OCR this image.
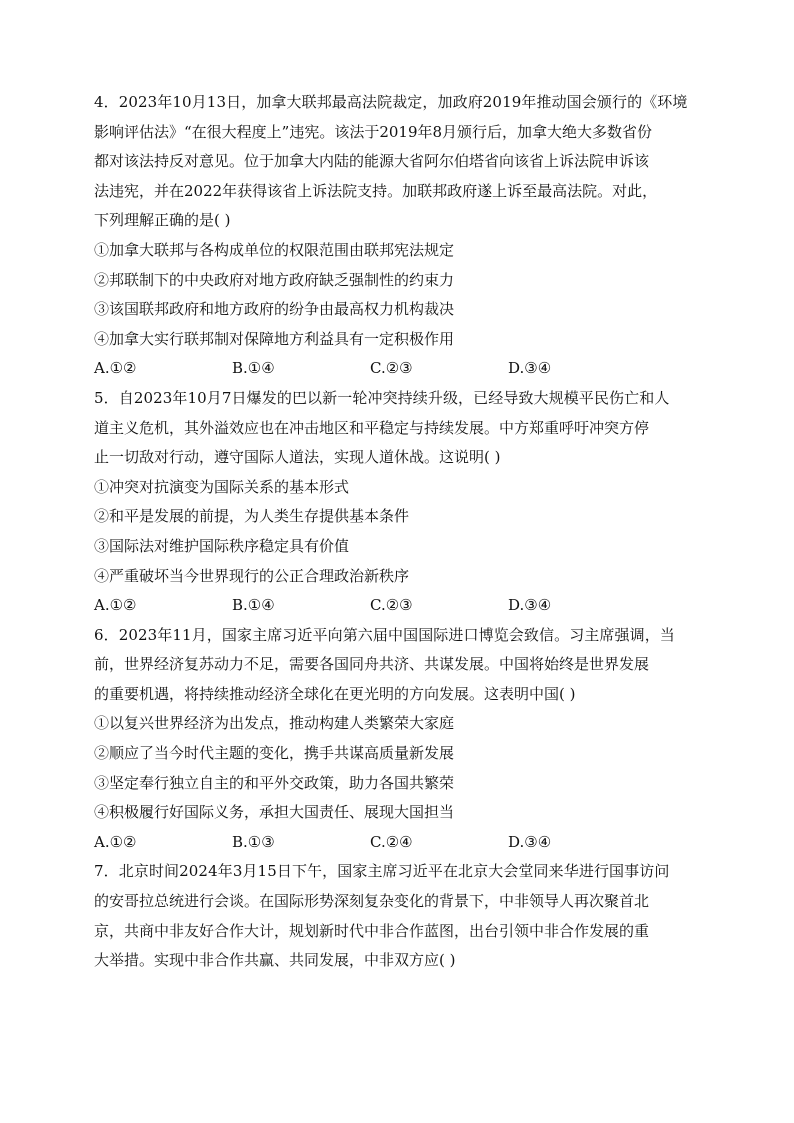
4．2023年10月13日，加拿大联邦最高法院裁定，加政府2019年推动国会颁行的《环境
影响评估法》“在很大程度上”违宪。该法于2019年8月颁行后，加拿大绝大多数省份
都对该法持反对意见。位于加拿大内陆的能源大省阿尔伯塔省向该省上诉法院申诉该
法违宪，并在2022年获得该省上诉法院支持。加联邦政府遂上诉至最高法院。对此，
下列理解正确的是( )
①加拿大联邦与各构成单位的权限范围由联邦宪法规定
②邦联制下的中央政府对地方政府缺乏强制性的约束力
③该国联邦政府和地方政府的纷争由最高权力机构裁决
④加拿大实行联邦制对保障地方利益具有一定积极作用
A.①②	B.①④	C.②③	D.③④
5．自2023年10月7日爆发的巴以新一轮冲突持续升级，已经导致大规模平民伤亡和人
道主义危机，其外溢效应也在冲击地区和平稳定与持续发展。中方郑重呼吁冲突方停
止一切敌对行动，遵守国际人道法，实现人道休战。这说明( )
①冲突对抗演变为国际关系的基本形式
②和平是发展的前提，为人类生存提供基本条件
③国际法对维护国际秩序稳定具有价值
④严重破坏当今世界现行的公正合理政治新秩序
A.①②	B.①④	C.②③	D.③④
6．2023年11月，国家主席习近平向第六届中国国际进口博览会致信。习主席强调，当
前，世界经济复苏动力不足，需要各国同舟共济、共谋发展。中国将始终是世界发展
的重要机遇，将持续推动经济全球化在更光明的方向发展。这表明中国( )
①以复兴世界经济为出发点，推动构建人类繁荣大家庭
②顺应了当今时代主题的变化，携手共谋高质量新发展
③坚定奉行独立自主的和平外交政策，助力各国共繁荣
④积极履行好国际义务，承担大国责任、展现大国担当
A.①②	B.①③	C.②④	D.③④
7．北京时间2024年3月15日下午，国家主席习近平在北京大会堂同来华进行国事访问
的安哥拉总统进行会谈。在国际形势深刻复杂变化的背景下，中非领导人再次聚首北
京，共商中非友好合作大计，规划新时代中非合作蓝图，出台引领中非合作发展的重
大举措。实现中非合作共赢、共同发展，中非双方应( )
